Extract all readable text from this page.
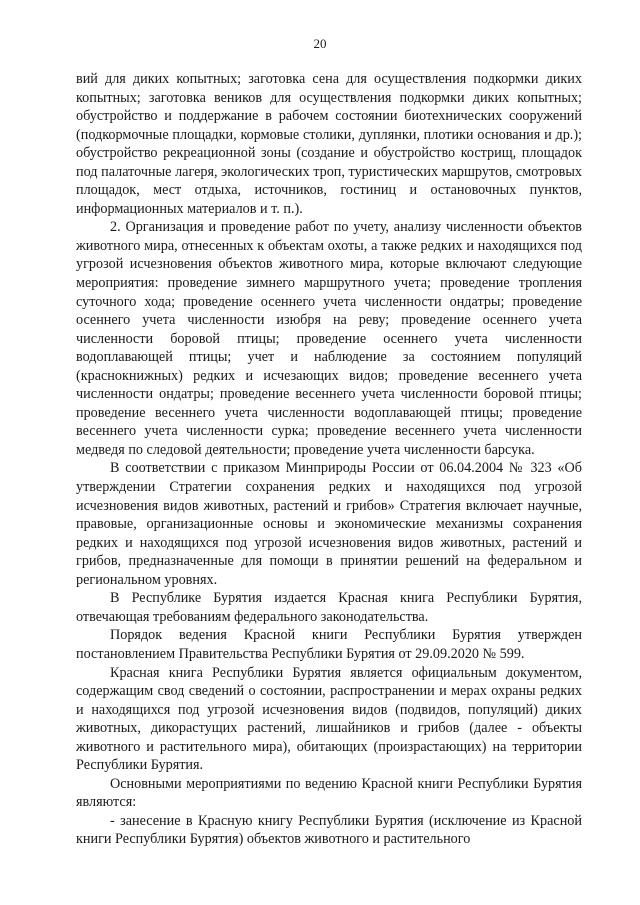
20

вий для диких копытных; заготовка сена для осуществления подкормки диких копытных; заготовка веников для осуществления подкормки диких копытных; обустройство и поддержание в рабочем состоянии биотехнических сооружений (подкормочные площадки, кормовые столики, дуплянки, плотики основания и др.); обустройство рекреационной зоны (создание и обустройство кострищ, площадок под палаточные лагеря, экологических троп, туристических маршрутов, смотровых площадок, мест отдыха, источников, гостиниц и остановочных пунктов, информационных материалов и т. п.).

2. Организация и проведение работ по учету, анализу численности объектов животного мира, отнесенных к объектам охоты, а также редких и находящихся под угрозой исчезновения объектов животного мира, которые включают следующие мероприятия: проведение зимнего маршрутного учета; проведение тропления суточного хода; проведение осеннего учета численности ондатры; проведение осеннего учета численности изюбря на реву; проведение осеннего учета численности боровой птицы; проведение осеннего учета численности водоплавающей птицы; учет и наблюдение за состоянием популяций (краснокнижных) редких и исчезающих видов; проведение весеннего учета численности ондатры; проведение весеннего учета численности боровой птицы; проведение весеннего учета численности водоплавающей птицы; проведение весеннего учета численности сурка; проведение весеннего учета численности медведя по следовой деятельности; проведение учета численности барсука.

В соответствии с приказом Минприроды России от 06.04.2004 № 323 «Об утверждении Стратегии сохранения редких и находящихся под угрозой исчезновения видов животных, растений и грибов» Стратегия включает научные, правовые, организационные основы и экономические механизмы сохранения редких и находящихся под угрозой исчезновения видов животных, растений и грибов, предназначенные для помощи в принятии решений на федеральном и региональном уровнях.

В Республике Бурятия издается Красная книга Республики Бурятия, отвечающая требованиям федерального законодательства.

Порядок ведения Красной книги Республики Бурятия утвержден постановлением Правительства Республики Бурятия от 29.09.2020 № 599.

Красная книга Республики Бурятия является официальным документом, содержащим свод сведений о состоянии, распространении и мерах охраны редких и находящихся под угрозой исчезновения видов (подвидов, популяций) диких животных, дикорастущих растений, лишайников и грибов (далее - объекты животного и растительного мира), обитающих (произрастающих) на территории Республики Бурятия.

Основными мероприятиями по ведению Красной книги Республики Бурятия являются:

- занесение в Красную книгу Республики Бурятия (исключение из Красной книги Республики Бурятия) объектов животного и растительного
